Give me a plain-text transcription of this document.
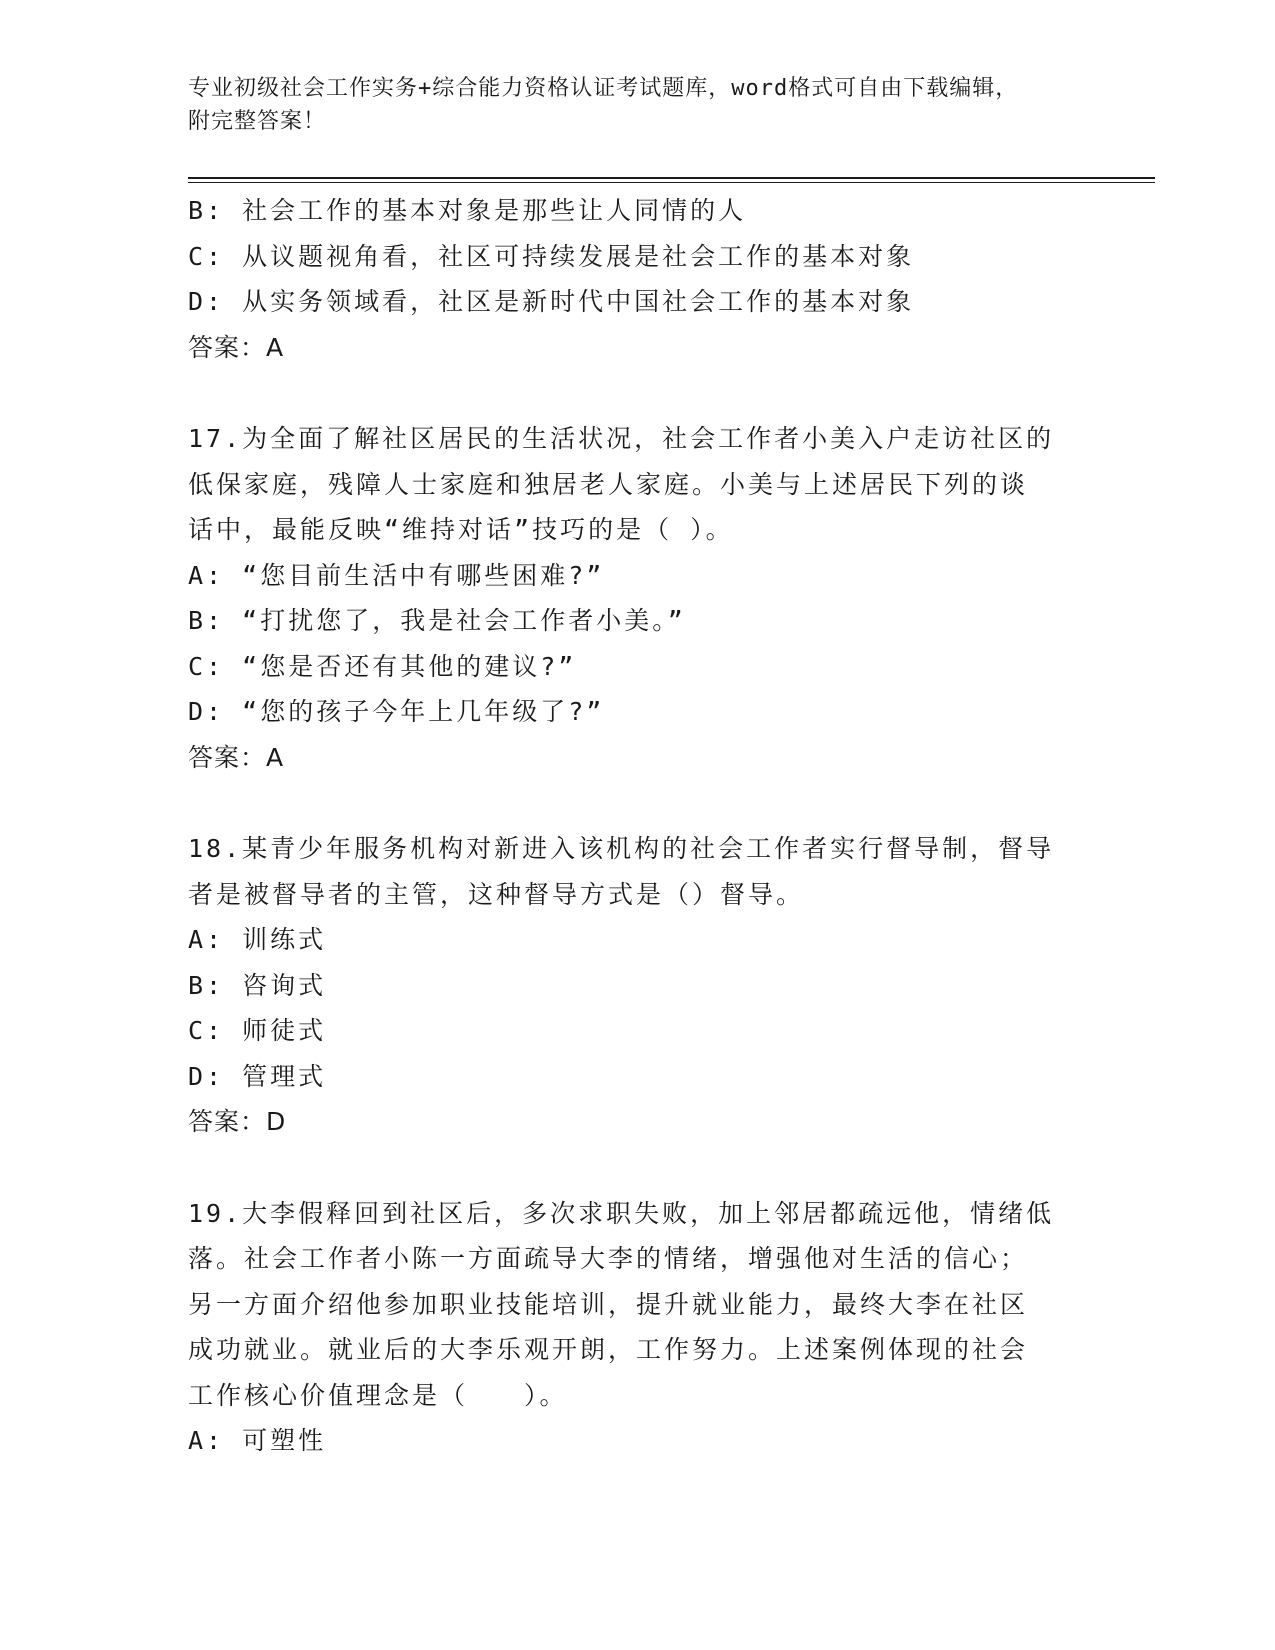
专业初级社会工作实务+综合能力资格认证考试题库，word格式可自由下载编辑，
附完整答案！
B: 社会工作的基本对象是那些让人同情的人
C: 从议题视角看，社区可持续发展是社会工作的基本对象
D: 从实务领域看，社区是新时代中国社会工作的基本对象
答案：A
17.为全面了解社区居民的生活状况，社会工作者小美入户走访社区的
低保家庭，残障人士家庭和独居老人家庭。小美与上述居民下列的谈
话中，最能反映“维持对话”技巧的是（ ）。
A: “您目前生活中有哪些困难?”
B: “打扰您了，我是社会工作者小美。”
C: “您是否还有其他的建议?”
D: “您的孩子今年上几年级了?”
答案：A
18.某青少年服务机构对新进入该机构的社会工作者实行督导制，督导
者是被督导者的主管，这种督导方式是（）督导。
A: 训练式
B: 咨询式
C: 师徒式
D: 管理式
答案：D
19.大李假释回到社区后，多次求职失败，加上邻居都疏远他，情绪低
落。社会工作者小陈一方面疏导大李的情绪，增强他对生活的信心；
另一方面介绍他参加职业技能培训，提升就业能力，最终大李在社区
成功就业。就业后的大李乐观开朗，工作努力。上述案例体现的社会
工作核心价值理念是（　　）。
A: 可塑性
